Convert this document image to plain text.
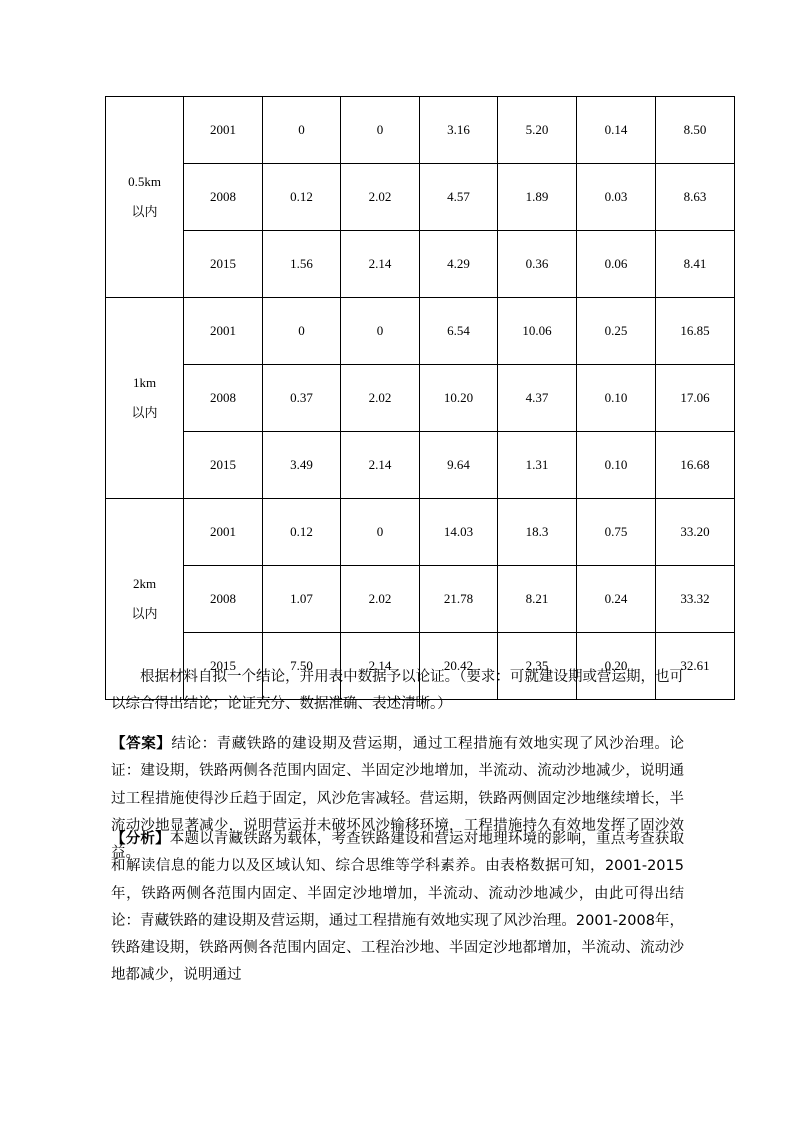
0.5km
以内	2001	0	0	3.16	5.20	0.14	8.50
	2008	0.12	2.02	4.57	1.89	0.03	8.63
	2015	1.56	2.14	4.29	0.36	0.06	8.41

1km
以内	2001	0	0	6.54	10.06	0.25	16.85
	2008	0.37	2.02	10.20	4.37	0.10	17.06
	2015	3.49	2.14	9.64	1.31	0.10	16.68

2km
以内	2001	0.12	0	14.03	18.3	0.75	33.20
	2008	1.07	2.02	21.78	8.21	0.24	33.32
	2015	7.50	2.14	20.42	2.35	0.20	32.61
根据材料自拟一个结论，并用表中数据予以论证。（要求：可就建设期或营运期，也可以综合得出结论；论证充分、数据准确、表述清晰。）
【答案】结论：青藏铁路的建设期及营运期，通过工程措施有效地实现了风沙治理。论证：建设期，铁路两侧各范围内固定、半固定沙地增加，半流动、流动沙地减少，说明通过工程措施使得沙丘趋于固定，风沙危害减轻。营运期，铁路两侧固定沙地继续增长，半流动沙地显著减少，说明营运并未破坏风沙输移环境，工程措施持久有效地发挥了固沙效益。
【分析】本题以青藏铁路为载体，考查铁路建设和营运对地理环境的影响，重点考查获取和解读信息的能力以及区域认知、综合思维等学科素养。由表格数据可知，2001-2015年，铁路两侧各范围内固定、半固定沙地增加，半流动、流动沙地减少，由此可得出结论：青藏铁路的建设期及营运期，通过工程措施有效地实现了风沙治理。2001-2008年，铁路建设期，铁路两侧各范围内固定、工程治沙地、半固定沙地都增加，半流动、流动沙地都减少，说明通过
